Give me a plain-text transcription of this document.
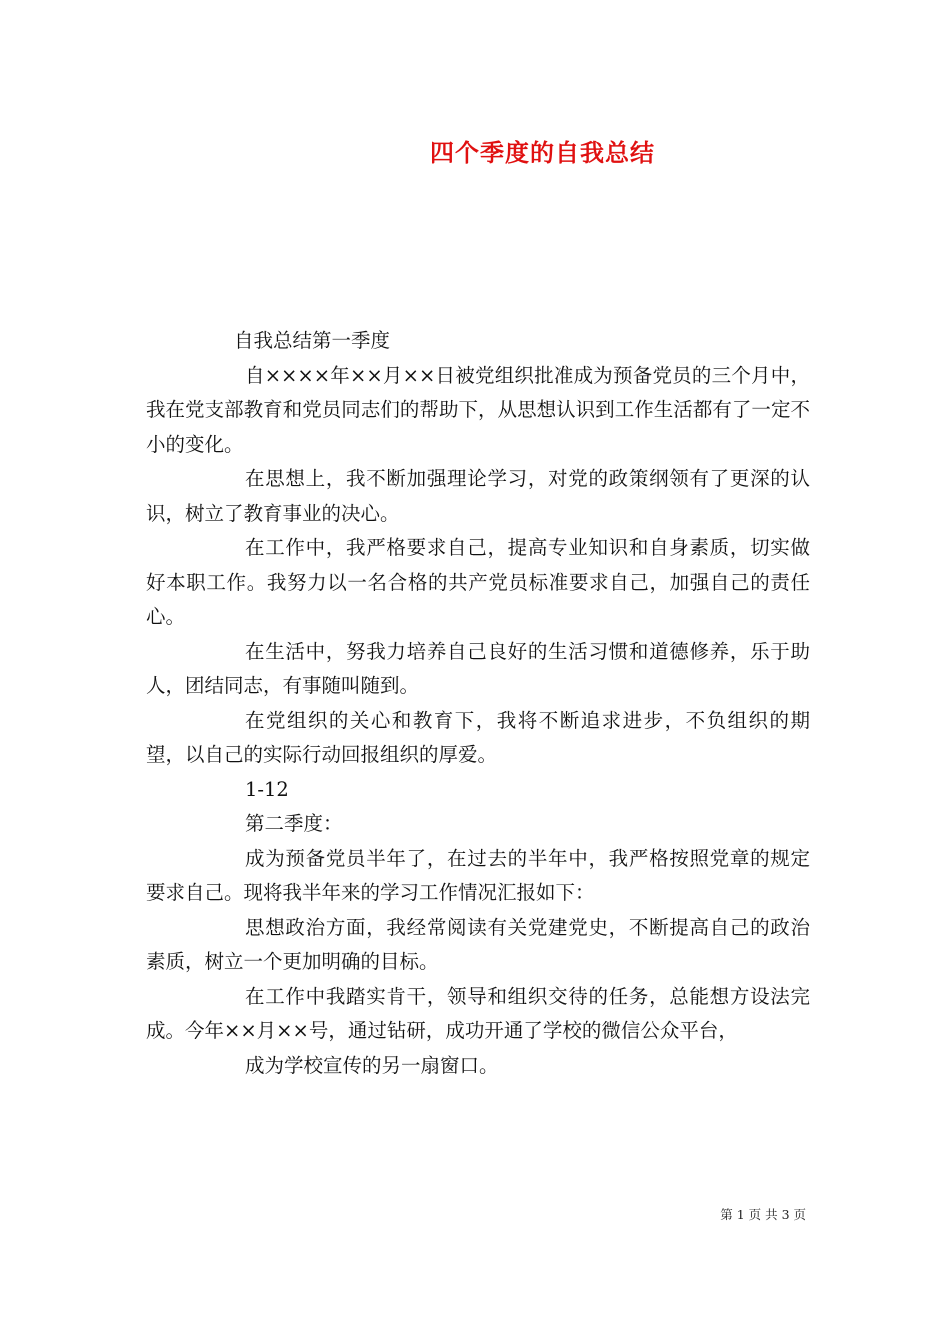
四个季度的自我总结

自我总结第一季度

自××××年××月××日被党组织批准成为预备党员的三个月中，我在党支部教育和党员同志们的帮助下，从思想认识到工作生活都有了一定不小的变化。

在思想上，我不断加强理论学习，对党的政策纲领有了更深的认识，树立了教育事业的决心。

在工作中，我严格要求自己，提高专业知识和自身素质，切实做好本职工作。我努力以一名合格的共产党员标准要求自己，加强自己的责任心。

在生活中，努我力培养自己良好的生活习惯和道德修养，乐于助人，团结同志，有事随叫随到。

在党组织的关心和教育下，我将不断追求进步，不负组织的期望，以自己的实际行动回报组织的厚爱。

1-12

第二季度：

成为预备党员半年了，在过去的半年中，我严格按照党章的规定要求自己。现将我半年来的学习工作情况汇报如下：

思想政治方面，我经常阅读有关党建党史，不断提高自己的政治素质，树立一个更加明确的目标。

在工作中我踏实肯干，领导和组织交待的任务，总能想方设法完成。今年××月××号，通过钻研，成功开通了学校的微信公众平台，

成为学校宣传的另一扇窗口。

第 1 页 共 3 页
